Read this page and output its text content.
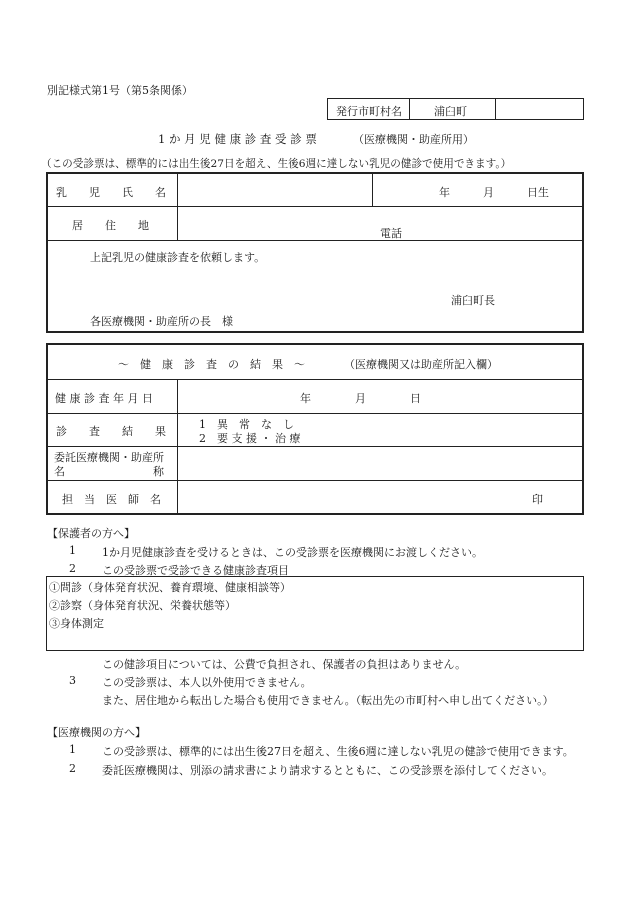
別記様式第1号（第5条関係）
発行市町村名	浦臼町
1 か 月 児 健 康 診 査 受 診 票	（医療機関・助産所用）
（この受診票は、標準的には出生後27日を超え、生後6週に達しない乳児の健診で使用できます。）
乳　　児　　氏　　名	年　　　月　　　日生
居　　住　　地
電話
上記乳児の健康診査を依頼します。
浦臼町長
各医療機関・助産所の長　様
～　健　康　診　査　の　結　果　～	（医療機関又は助産所記入欄）
健 康 診 査 年 月 日	年　　　　月　　　　日
診　　査　　結　　果
1　異　常　な　し
2　要 支 援 ・ 治 療
委託医療機関・助産所
名　　　　　　　　称
担　当　医　師　名	印
【保護者の方へ】
1 1か月児健康診査を受けるときは、この受診票を医療機関にお渡しください。
2 この受診票で受診できる健康診査項目
①問診（身体発育状況、養育環境、健康相談等）
②診察（身体発育状況、栄養状態等）
③身体測定
この健診項目については、公費で負担され、保護者の負担はありません。
3 この受診票は、本人以外使用できません。
また、居住地から転出した場合も使用できません。（転出先の市町村へ申し出てください。）
【医療機関の方へ】
1 この受診票は、標準的には出生後27日を超え、生後6週に達しない乳児の健診で使用できます。
2 委託医療機関は、別添の請求書により請求するとともに、この受診票を添付してください。
